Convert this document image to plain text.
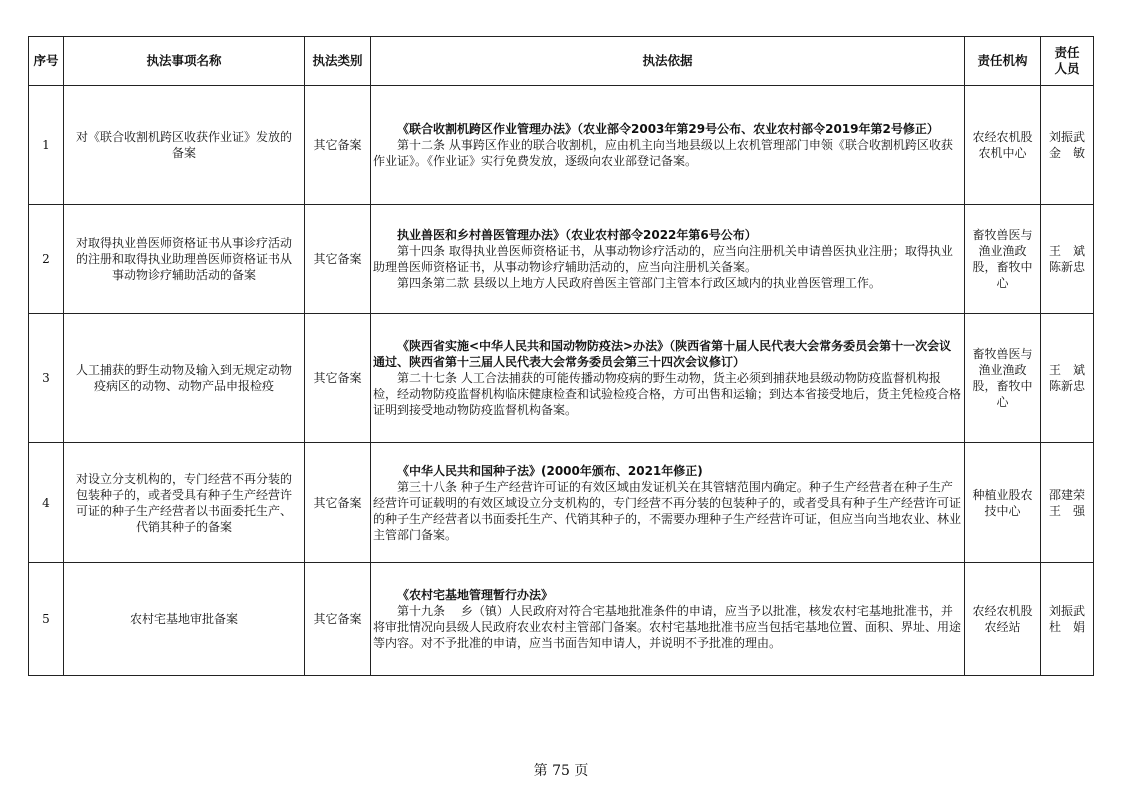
序号	执法事项名称	执法类别	执法依据	责任机构	责任人员
1	对《联合收割机跨区收获作业证》发放的备案	其它备案	《联合收割机跨区作业管理办法》（农业部令2003年第29号公布、农业农村部令2019年第2号修正）
第十二条 从事跨区作业的联合收割机，应由机主向当地县级以上农机管理部门申领《联合收割机跨区收获作业证》。《作业证》实行免费发放，逐级向农业部登记备案。	农经农机股农机中心	刘振武
金　敏
2	对取得执业兽医师资格证书从事诊疗活动的注册和取得执业助理兽医师资格证书从事动物诊疗辅助活动的备案	其它备案	执业兽医和乡村兽医管理办法》（农业农村部令2022年第6号公布）
第十四条 取得执业兽医师资格证书，从事动物诊疗活动的，应当向注册机关申请兽医执业注册；取得执业助理兽医师资格证书，从事动物诊疗辅助活动的，应当向注册机关备案。
第四条第二款 县级以上地方人民政府兽医主管部门主管本行政区域内的执业兽医管理工作。	畜牧兽医与渔业渔政股，畜牧中心	王　斌
陈新忠
3	人工捕获的野生动物及输入到无规定动物疫病区的动物、动物产品申报检疫	其它备案	《陕西省实施<中华人民共和国动物防疫法>办法》（陕西省第十届人民代表大会常务委员会第十一次会议通过、陕西省第十三届人民代表大会常务委员会第三十四次会议修订）
第二十七条 人工合法捕获的可能传播动物疫病的野生动物，货主必须到捕获地县级动物防疫监督机构报检，经动物防疫监督机构临床健康检查和试验检疫合格，方可出售和运输；到达本省接受地后，货主凭检疫合格证明到接受地动物防疫监督机构备案。	畜牧兽医与渔业渔政股，畜牧中心	王　斌
陈新忠
4	对设立分支机构的，专门经营不再分装的包装种子的，或者受具有种子生产经营许可证的种子生产经营者以书面委托生产、代销其种子的备案	其它备案	《中华人民共和国种子法》(2000年颁布、2021年修正)
第三十八条 种子生产经营许可证的有效区域由发证机关在其管辖范围内确定。种子生产经营者在种子生产经营许可证载明的有效区域设立分支机构的，专门经营不再分装的包装种子的，或者受具有种子生产经营许可证的种子生产经营者以书面委托生产、代销其种子的，不需要办理种子生产经营许可证，但应当向当地农业、林业主管部门备案。	种植业股农技中心	邵建荣
王　强
5	农村宅基地审批备案	其它备案	《农村宅基地管理暂行办法》
第十九条　 乡（镇）人民政府对符合宅基地批准条件的申请，应当予以批准，核发农村宅基地批准书，并将审批情况向县级人民政府农业农村主管部门备案。农村宅基地批准书应当包括宅基地位置、面积、界址、用途等内容。对不予批准的申请，应当书面告知申请人，并说明不予批准的理由。	农经农机股农经站	刘振武
杜　娟
第 75 页
